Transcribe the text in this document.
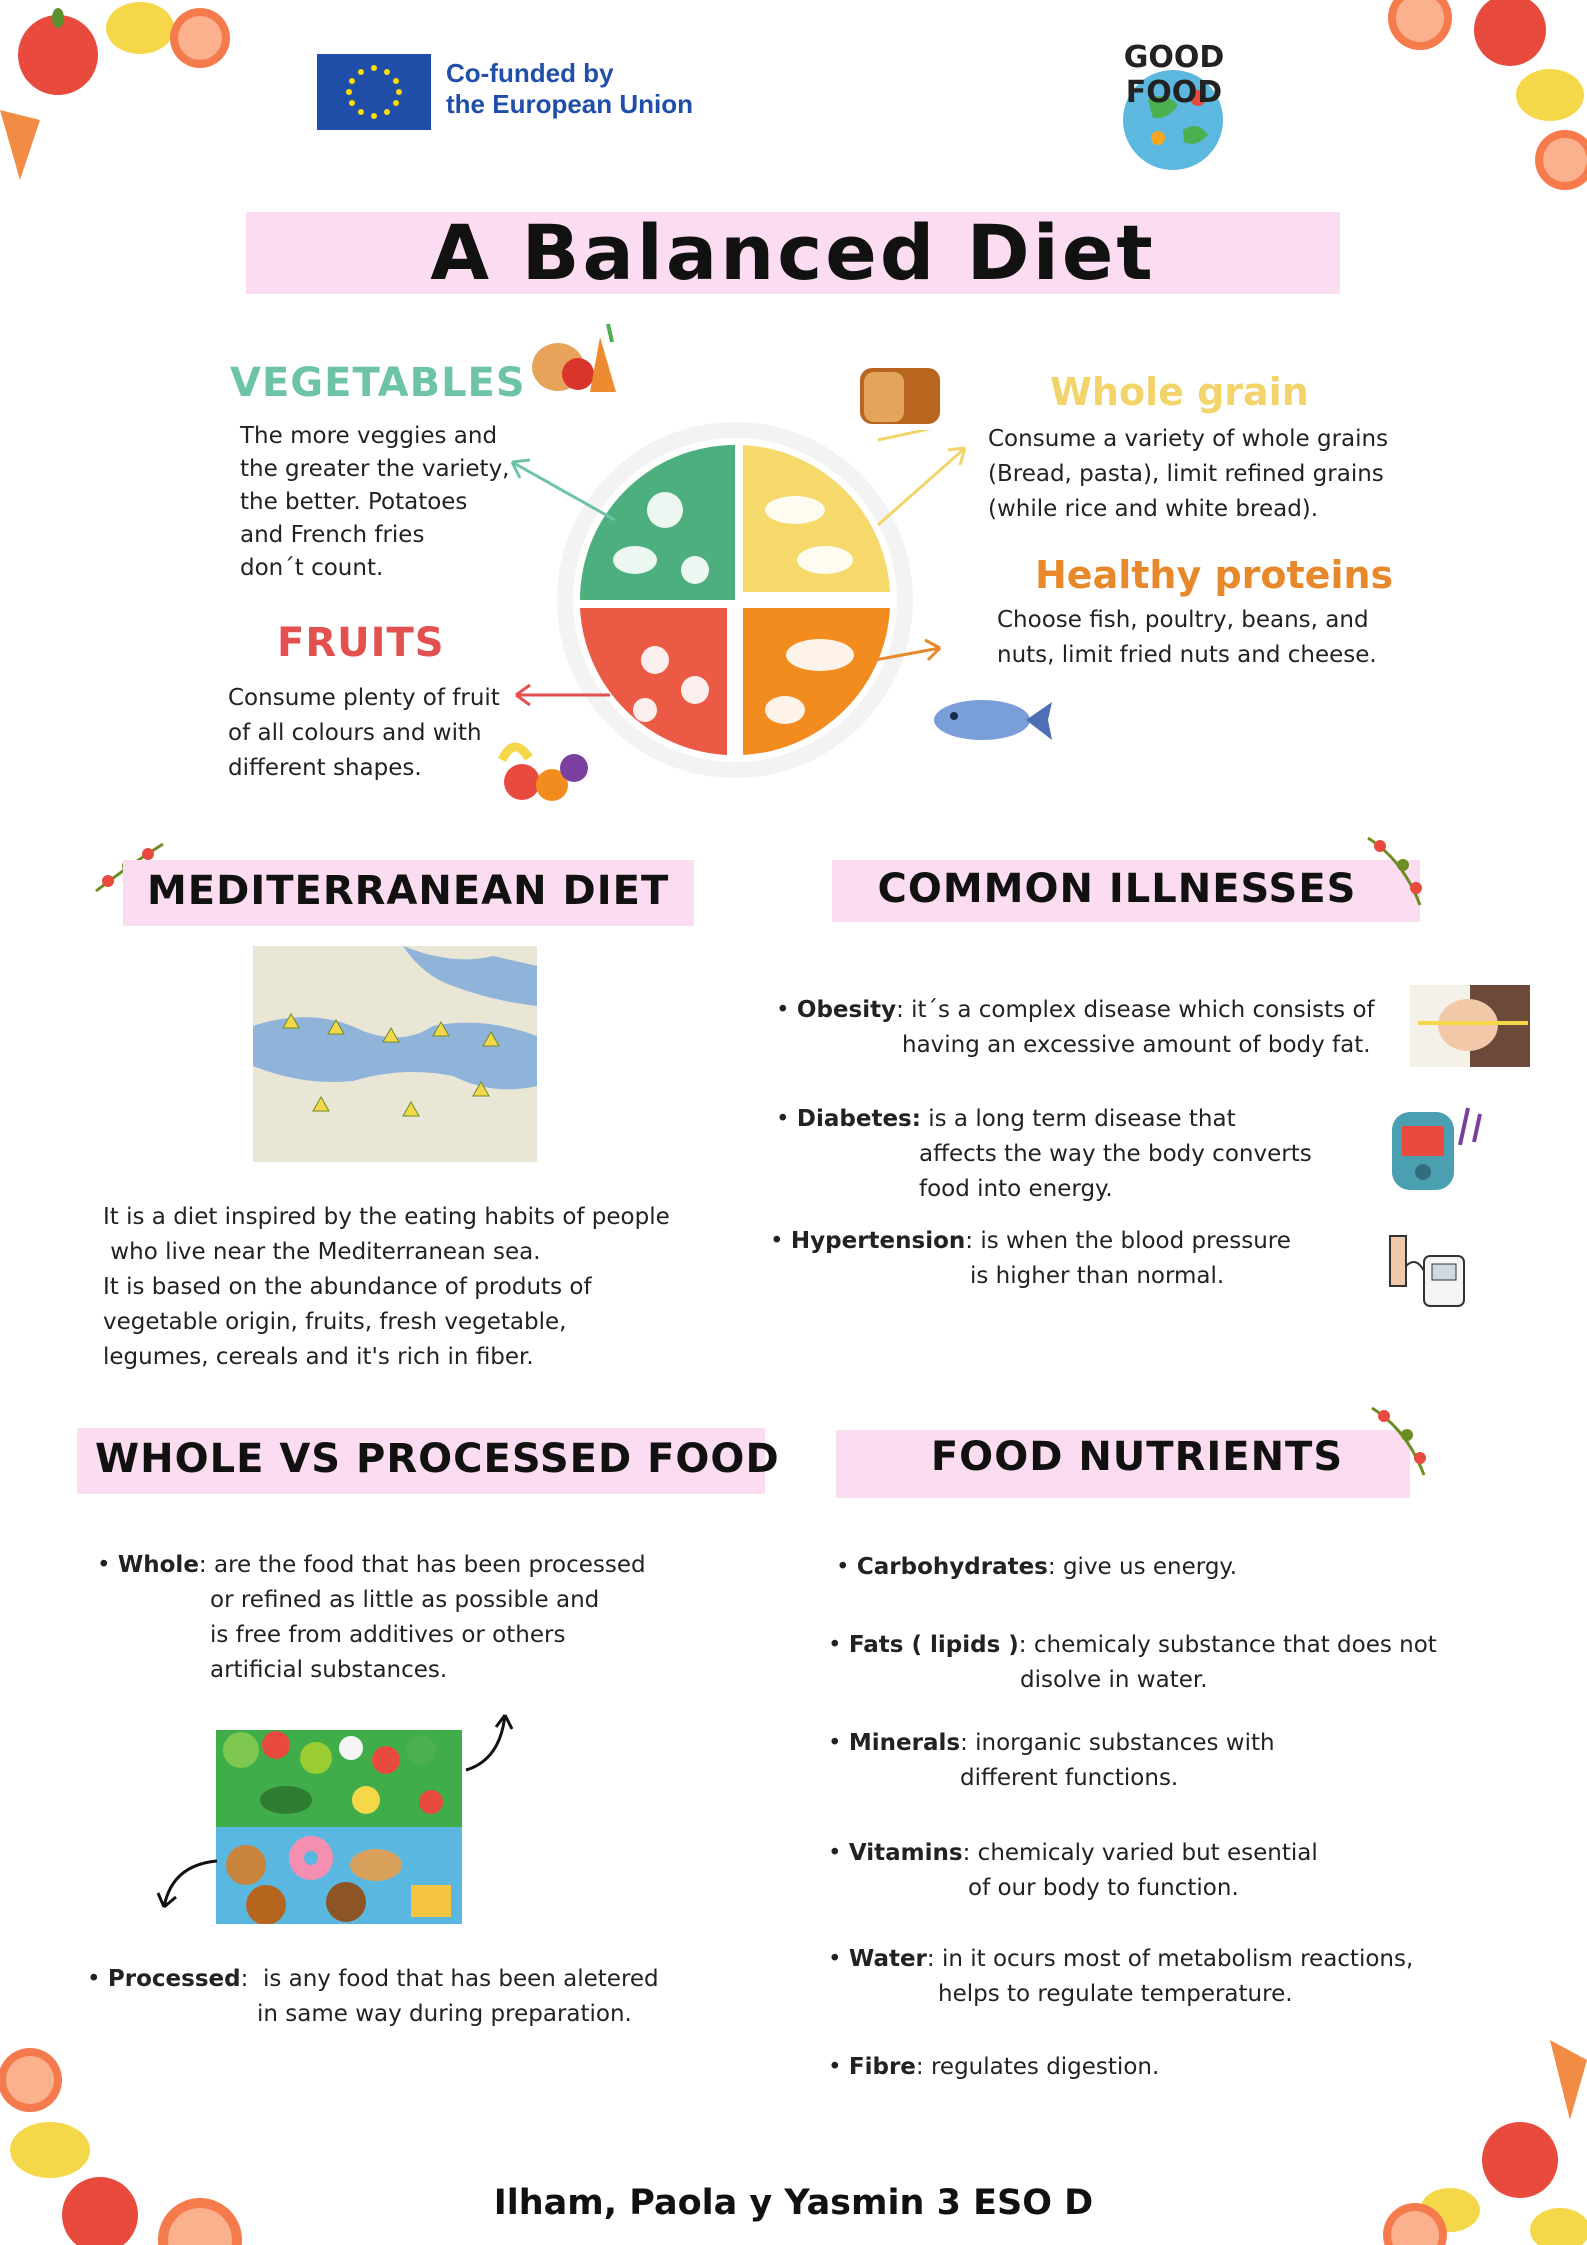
Co-funded by
the European Union
GOOD FOOD
A Balanced Diet
VEGETABLES
The more veggies and
the greater the variety,
the better. Potatoes
and French fries
don´t count.
FRUITS
Consume plenty of fruit
of all colours and with
different shapes.
Whole grain
Consume a variety of whole grains
(Bread, pasta), limit refined grains
(while rice and white bread).
Healthy proteins
Choose fish, poultry, beans, and
nuts, limit fried nuts and cheese.
MEDITERRANEAN DIET
It is a diet inspired by the eating habits of people
who live near the Mediterranean sea.
It is based on the abundance of produts of
vegetable origin, fruits, fresh vegetable,
legumes, cereals and it's rich in fiber.
COMMON ILLNESSES
• Obesity: it´s a complex disease which consists of
having an excessive amount of body fat.
• Diabetes: is a long term disease that
affects the way the body converts
food into energy.
• Hypertension: is when the blood pressure
is higher than normal.
WHOLE VS PROCESSED FOOD
• Whole: are the food that has been processed
or refined as little as possible and
is free from additives or others
artificial substances.
• Processed:  is any food that has been aletered
in same way during preparation.
FOOD NUTRIENTS
• Carbohydrates: give us energy.
• Fats ( lipids ): chemicaly substance that does not
disolve in water.
• Minerals: inorganic substances with
different functions.
• Vitamins: chemicaly varied but esential
of our body to function.
• Water: in it ocurs most of metabolism reactions,
helps to regulate temperature.
• Fibre: regulates digestion.
Ilham, Paola y Yasmin 3 ESO D
